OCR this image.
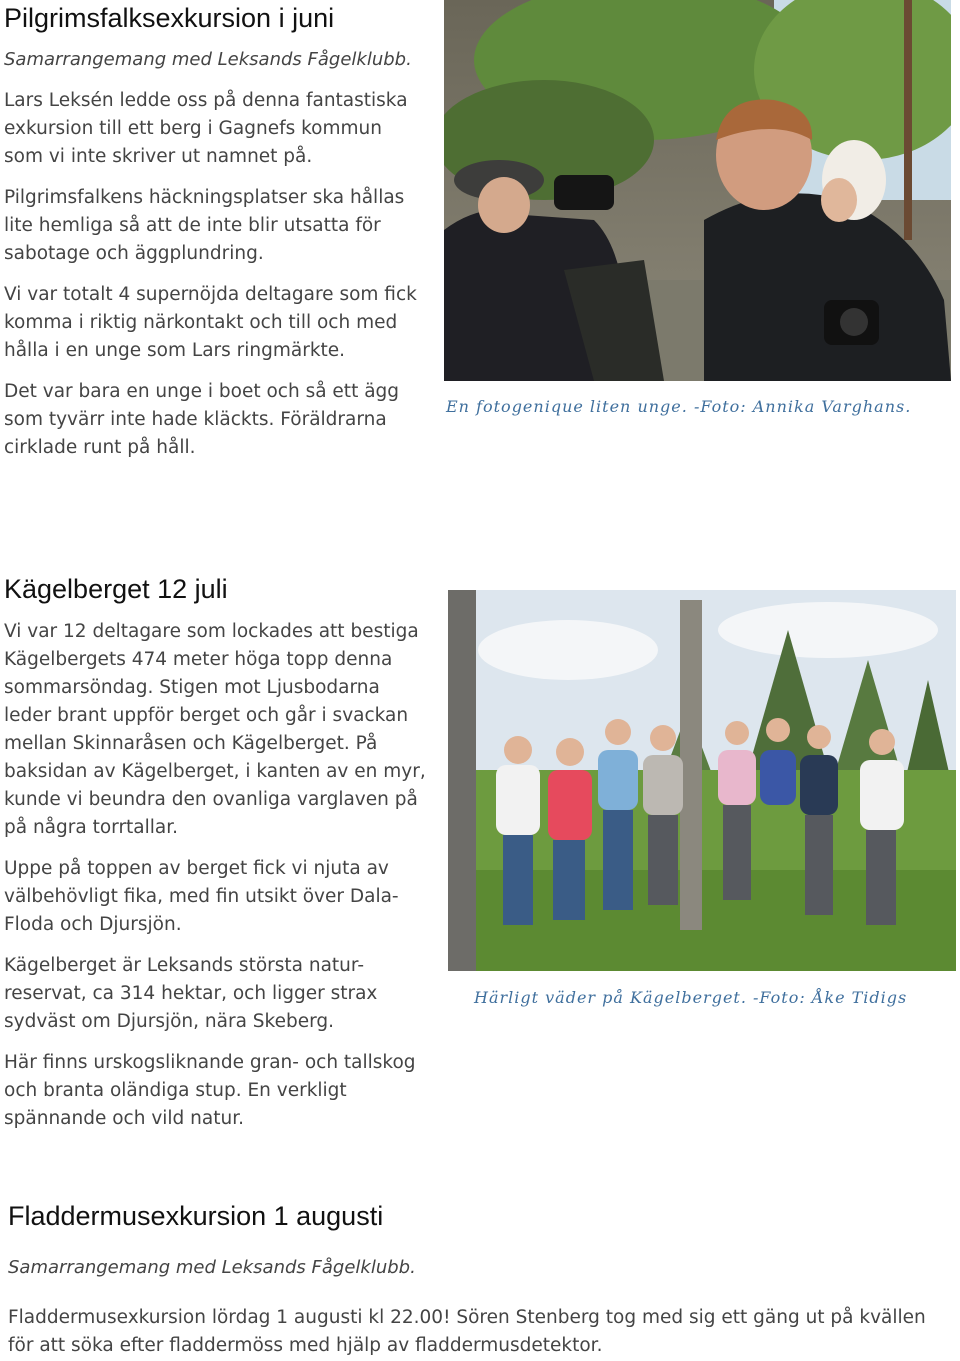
Pilgrimsfalksexkursion i juni

Samarrangemang med Leksands Fågelklubb.

Lars Leksén ledde oss på denna fantastiska exkursion till ett berg i Gagnefs kommun som vi inte skriver ut namnet på.

Pilgrimsfalkens häckningsplatser ska hållas lite hemliga så att de inte blir utsatta för sabotage och äggplundring.

Vi var totalt 4 supernöjda deltagare som fick komma i riktig närkontakt och till och med hålla i en unge som Lars ringmärkte.

Det var bara en unge i boet och så ett ägg som tyvärr inte hade kläckts. Föräldrarna cirklade runt på håll.

En fotogenique liten unge. -Foto: Annika Varghans.

Kägelberget 12 juli

Vi var 12 deltagare som lockades att bestiga Kägelbergets 474 meter höga topp denna sommarsöndag. Stigen mot Ljusbodarna leder brant uppför berget och går i svackan mellan Skinnaråsen och Kägelberget. På baksidan av Kägelberget, i kanten av en myr, kunde vi beundra den ovanliga varglaven på på några torrtallar.

Uppe på toppen av berget fick vi njuta av välbehövligt fika, med fin utsikt över Dala-Floda och Djursjön.

Kägelberget är Leksands största natur-reservat, ca 314 hektar, och ligger strax sydväst om Djursjön, nära Skeberg.

Här finns urskogsliknande gran- och tallskog och branta oländiga stup. En verkligt spännande och vild natur.

Härligt väder på Kägelberget. -Foto: Åke Tidigs

Fladdermusexkursion 1 augusti

Samarrangemang med Leksands Fågelklubb.

Fladdermusexkursion lördag 1 augusti kl 22.00! Sören Stenberg tog med sig ett gäng ut på kvällen för att söka efter fladdermöss med hjälp av fladdermusdetektor.
